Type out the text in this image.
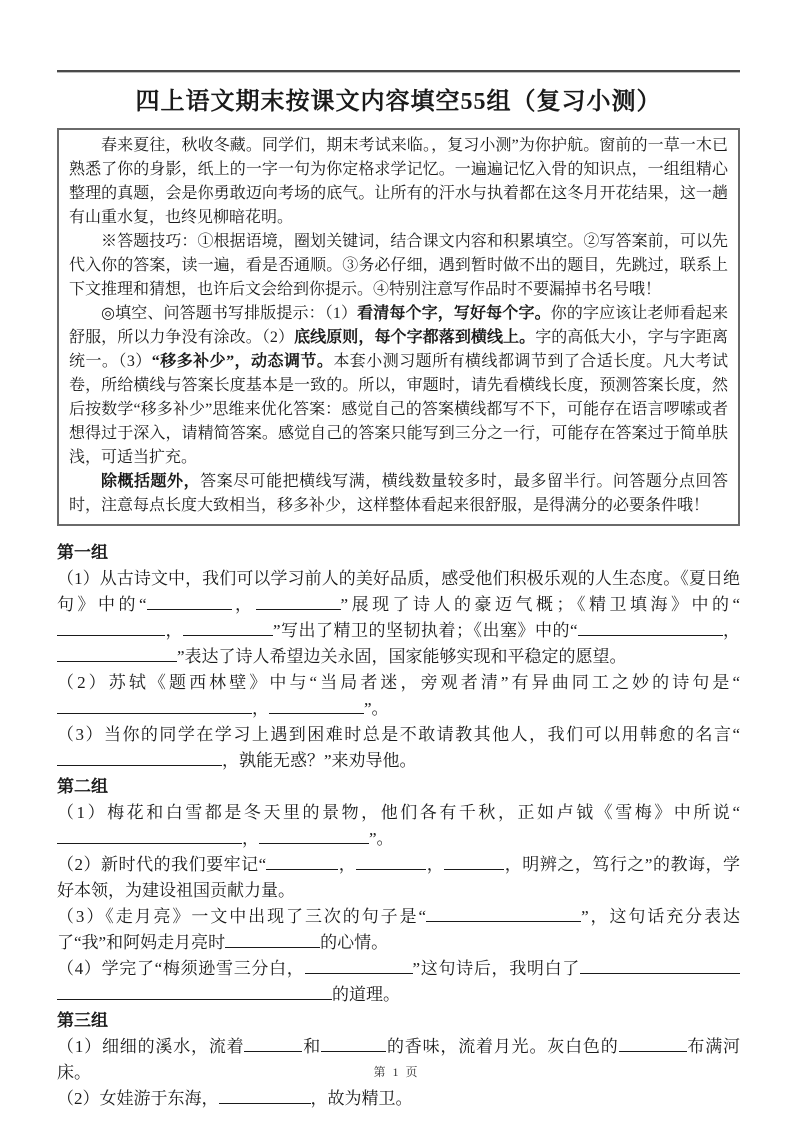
四上语文期末按课文内容填空55组（复习小测）

春来夏往，秋收冬藏。同学们，期末考试来临。，复习小测”为你护航。窗前的一草一木已熟悉了你的身影，纸上的一字一句为你定格求学记忆。一遍遍记忆入骨的知识点，一组组精心整理的真题，会是你勇敢迈向考场的底气。让所有的汗水与执着都在这冬月开花结果，这一趟有山重水复，也终见柳暗花明。

※答题技巧：①根据语境，圈划关键词，结合课文内容和积累填空。②写答案前，可以先代入你的答案，读一遍，看是否通顺。③务必仔细，遇到暂时做不出的题目，先跳过，联系上下文推理和猜想，也许后文会给到你提示。④特别注意写作品时不要漏掉书名号哦！

◎填空、问答题书写排版提示：（1）看清每个字，写好每个字。你的字应该让老师看起来舒服，所以力争没有涂改。（2）底线原则，每个字都落到横线上。字的高低大小，字与字距离统一。（3）“移多补少”，动态调节。本套小测习题所有横线都调节到了合适长度。凡大考试卷，所给横线与答案长度基本是一致的。所以，审题时，请先看横线长度，预测答案长度，然后按数学“移多补少”思维来优化答案：感觉自己的答案横线都写不下，可能存在语言啰嗦或者想得过于深入，请精简答案。感觉自己的答案只能写到三分之一行，可能存在答案过于简单肤浅，可适当扩充。

除概括题外，答案尽可能把横线写满，横线数量较多时，最多留半行。问答题分点回答时，注意每点长度大致相当，移多补少，这样整体看起来很舒服，是得满分的必要条件哦！

第一组
（1）从古诗文中，我们可以学习前人的美好品质，感受他们积极乐观的人生态度。《夏日绝句》中的“	，	”展现了诗人的豪迈气概；《精卫填海》中的“，	”写出了精卫的坚韧执着；《出塞》中的“	，”表达了诗人希望边关永固，国家能够实现和平稳定的愿望。
（2）苏轼《题西林壁》中与“当局者迷，旁观者清”有异曲同工之妙的诗句是“，	”。
（3）当你的同学在学习上遇到困难时总是不敢请教其他人，我们可以用韩愈的名言“，孰能无惑？”来劝导他。
第二组
（1）梅花和白雪都是冬天里的景物，他们各有千秋，正如卢钺《雪梅》中所说“，	”。
（2）新时代的我们要牢记“	，	，	，明辨之，笃行之”的教诲，学好本领，为建设祖国贡献力量。
（3）《走月亮》一文中出现了三次的句子是“	”，这句话充分表达了“我”和阿妈走月亮时	的心情。
（4）学完了“梅须逊雪三分白，	”这句诗后，我明白了的道理。
第三组
（1）细细的溪水，流着	和	的香味，流着月光。灰白色的	布满河床。
（2）女娃游于东海，	，故为精卫。
第 1 页
